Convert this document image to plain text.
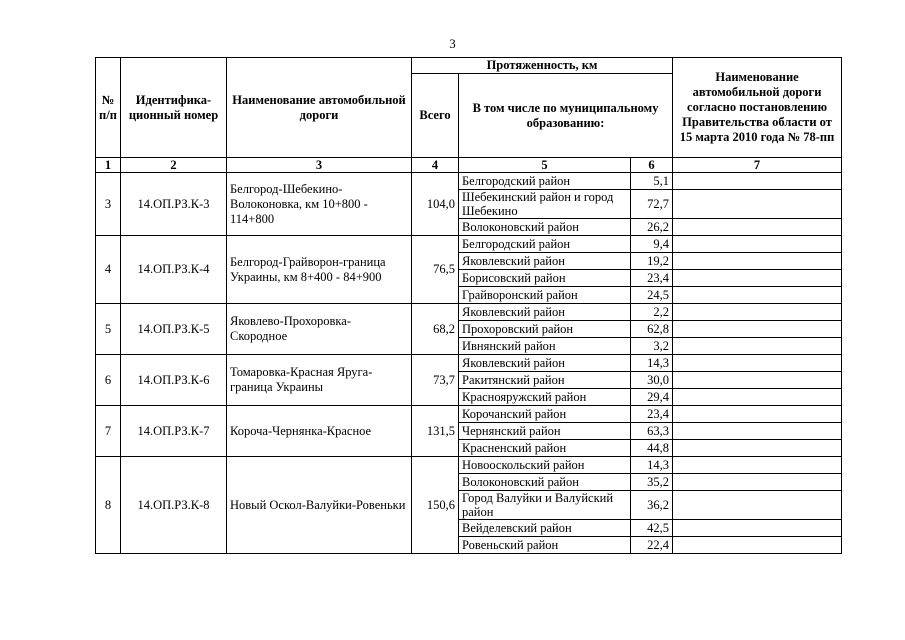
3
№ п/п	Идентифика-ционный номер	Наименование автомобильной дороги	Протяженность, км			Наименование автомобильной дороги согласно постановлению Правительства области от 15 марта 2010 года № 78-пп
			Всего	В том числе по муниципальному образованию:		
1	2	3	4	5	6	7
3	14.ОП.РЗ.К-3	Белгород-Шебекино-Волоконовка, км 10+800 - 114+800	104,0	Белгородский район	5,1	
				Шебекинский район и город Шебекино	72,7	
				Волоконовский район	26,2	
4	14.ОП.РЗ.К-4	Белгород-Грайворон-граница Украины, км 8+400 - 84+900	76,5	Белгородский район	9,4	
				Яковлевский район	19,2	
				Борисовский район	23,4	
				Грайворонский район	24,5	
5	14.ОП.РЗ.К-5	Яковлево-Прохоровка-Скородное	68,2	Яковлевский район	2,2	
				Прохоровский район	62,8	
				Ивнянский район	3,2	
6	14.ОП.РЗ.К-6	Томаровка-Красная Яруга-граница Украины	73,7	Яковлевский район	14,3	
				Ракитянский район	30,0	
				Краснояружский район	29,4	
7	14.ОП.РЗ.К-7	Короча-Чернянка-Красное	131,5	Корочанский район	23,4	
				Чернянский район	63,3	
				Красненский район	44,8	
8	14.ОП.РЗ.К-8	Новый Оскол-Валуйки-Ровеньки	150,6	Новооскольский район	14,3	
				Волоконовский район	35,2	
				Город Валуйки и Валуйский район	36,2	
				Вейделевский район	42,5	
				Ровеньский район	22,4	
